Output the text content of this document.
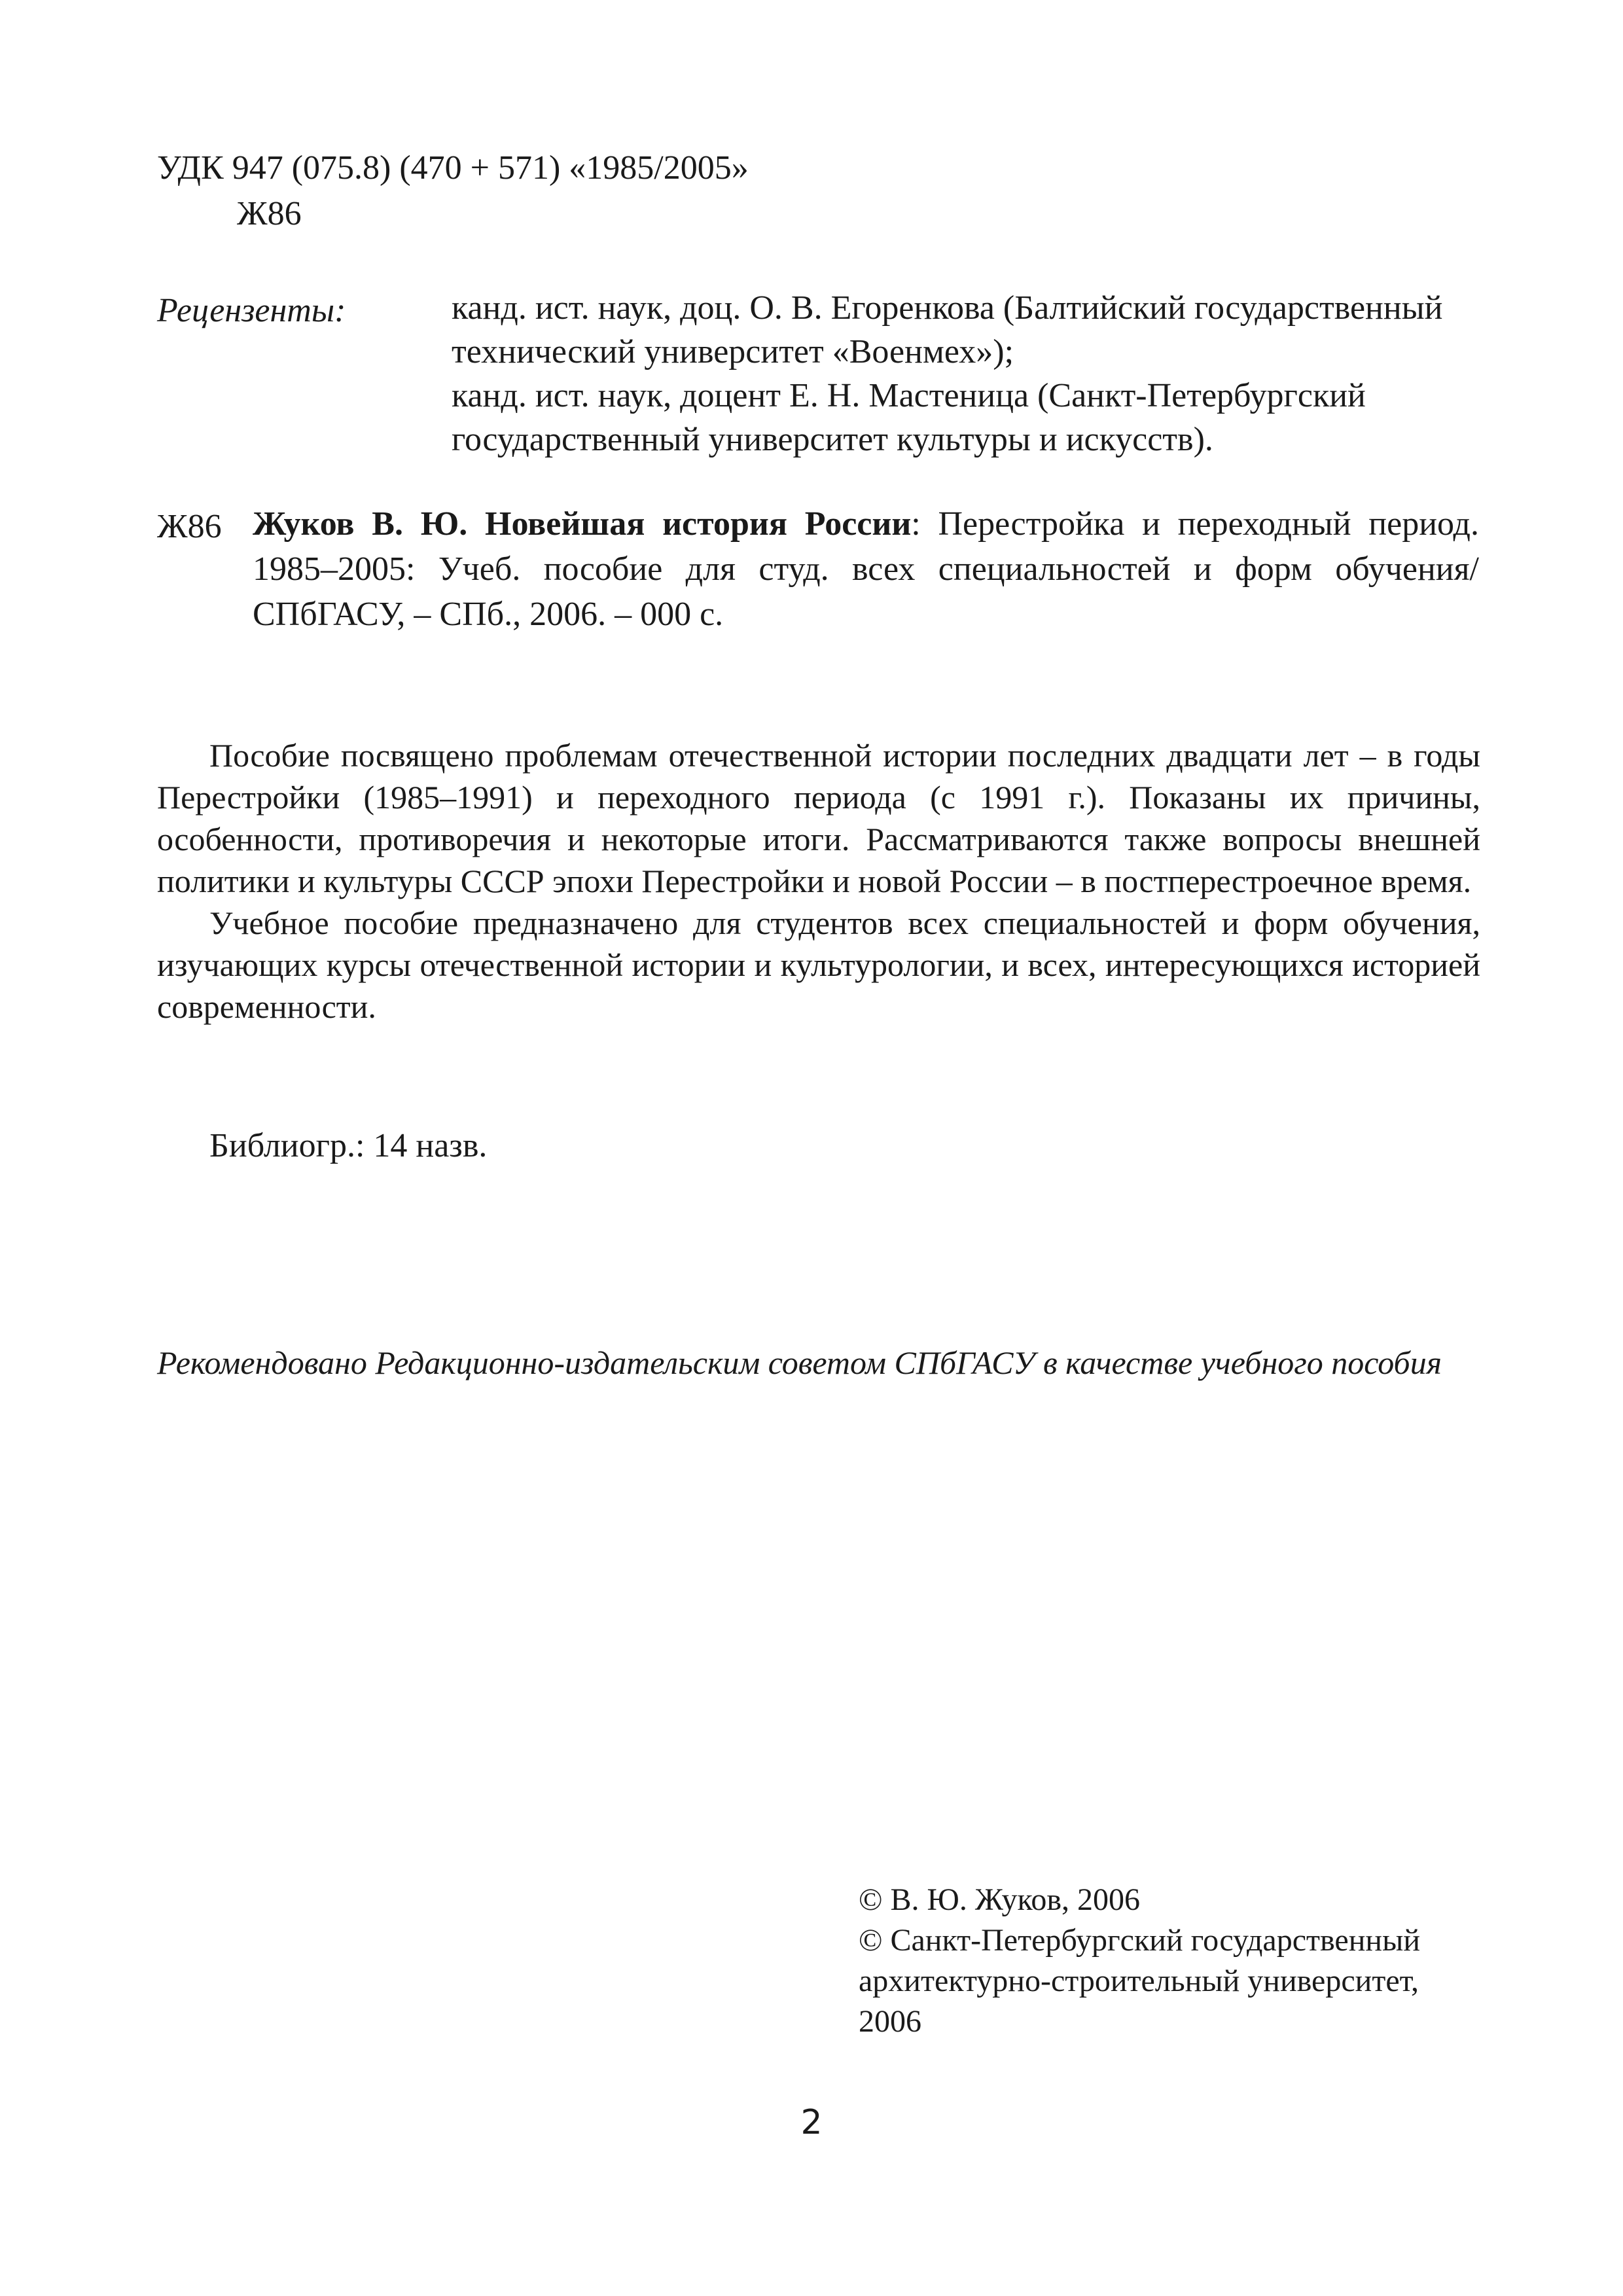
УДК 947 (075.8) (470 + 571) «1985/2005»
Ж86
Рецензенты:	канд. ист. наук, доц. О. В. Егоренкова (Балтийский государственный
технический университет «Военмех»);
канд. ист. наук, доцент Е. Н. Мастеница (Санкт-Петербургский
государственный университет культуры и искусств).
Ж86 Жуков В. Ю. Новейшая история России: Перестройка и переходный период. 1985–2005: Учеб. пособие для студ. всех специальностей и форм обучения/ СПбГАСУ, – СПб., 2006. – 000 с.

Пособие посвящено проблемам отечественной истории последних двадцати лет – в годы Перестройки (1985–1991) и переходного периода (с 1991 г.). Показаны их причины, особенности, противоречия и некоторые итоги. Рассматриваются также вопросы внешней политики и культуры СССР эпохи Перестройки и новой России – в постперестроечное время.

Учебное пособие предназначено для студентов всех специальностей и форм обучения, изучающих курсы отечественной истории и культурологии, и всех, интересующихся историей современности.

Библиогр.: 14 назв.
Рекомендовано Редакционно-издательским советом СПбГАСУ в качестве учебного пособия
© В. Ю. Жуков, 2006
© Санкт-Петербургский государственный
архитектурно-строительный университет,
2006
2
